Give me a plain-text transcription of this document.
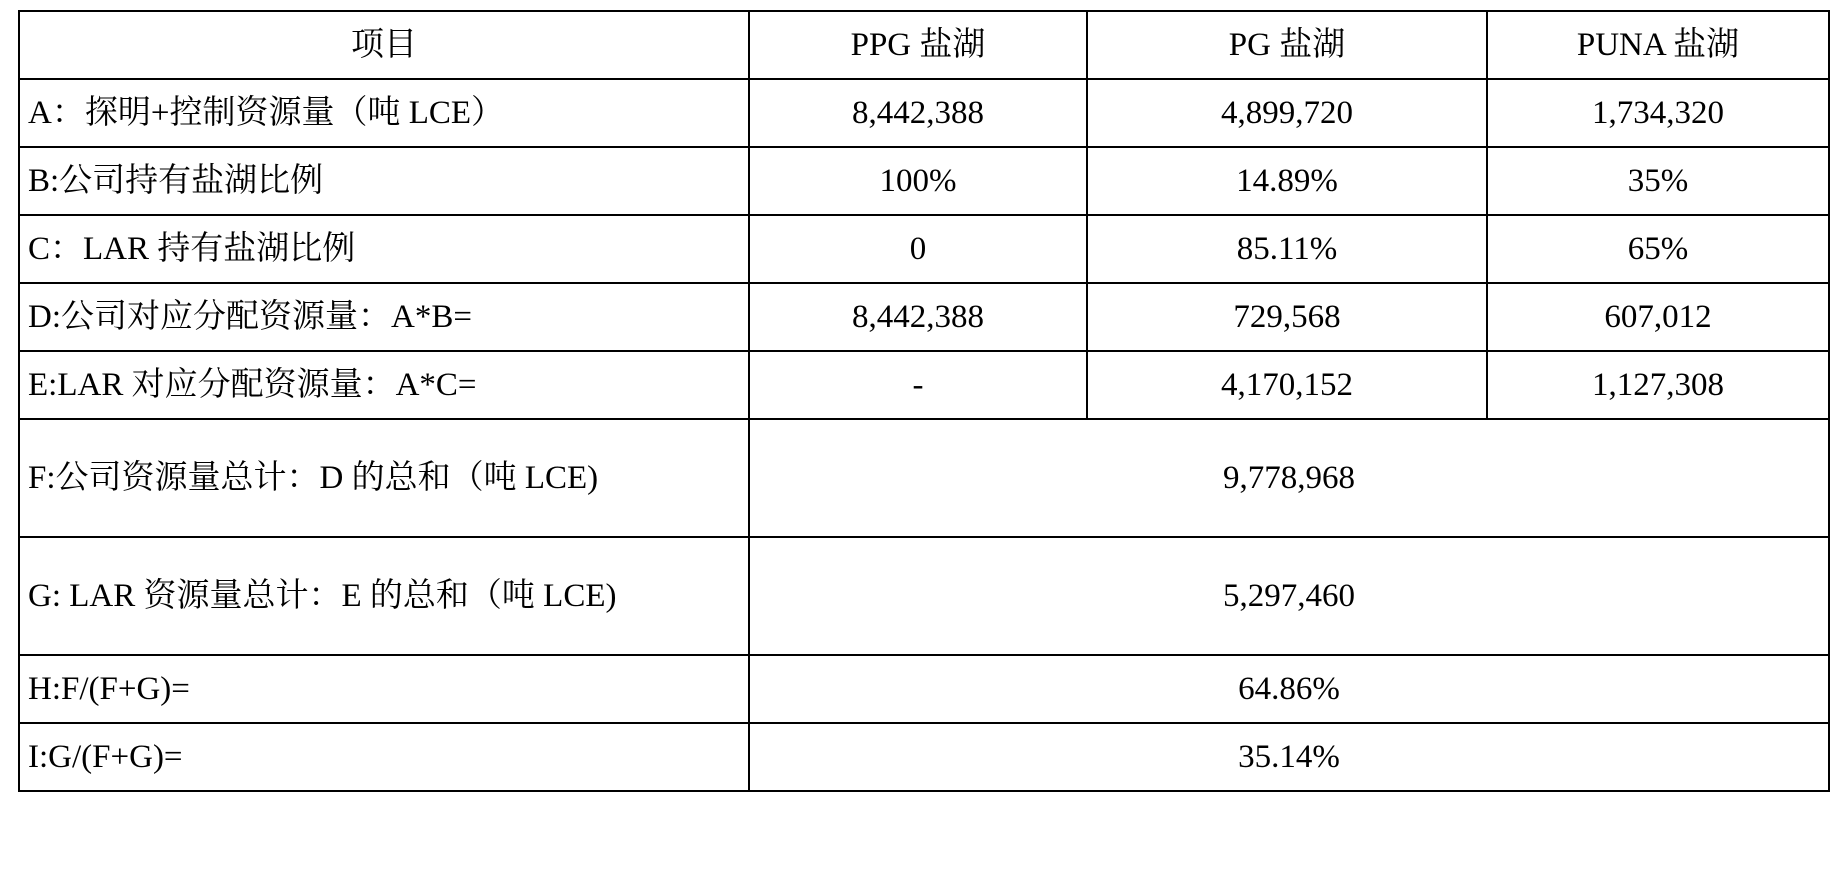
项目	PPG 盐湖	PG 盐湖	PUNA 盐湖
A：探明+控制资源量（吨 LCE）	8,442,388	4,899,720	1,734,320
B:公司持有盐湖比例	100%	14.89%	35%
C：LAR 持有盐湖比例	0	85.11%	65%
D:公司对应分配资源量：A*B=	8,442,388	729,568	607,012
E:LAR 对应分配资源量：A*C=	-	4,170,152	1,127,308
F:公司资源量总计：D 的总和（吨 LCE)	9,778,968		
G: LAR 资源量总计：E 的总和（吨 LCE)	5,297,460		
H:F/(F+G)=	64.86%		
I:G/(F+G)=	35.14%		
